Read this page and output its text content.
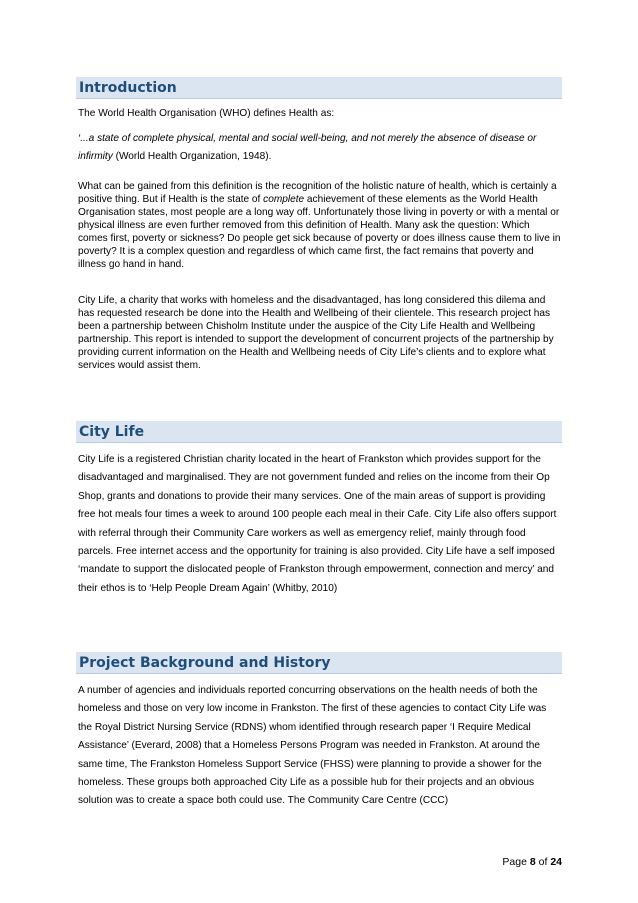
Introduction
The World Health Organisation (WHO) defines Health as:
‘...a state of complete physical, mental and social well-being, and not merely the absence of disease or infirmity (World Health Organization, 1948).
What can be gained from this definition is the recognition of the holistic nature of health, which is certainly a positive thing. But if Health is the state of complete achievement of these elements as the World Health Organisation states, most people are a long way off. Unfortunately those living in poverty or with a mental or physical illness are even further removed from this definition of Health. Many ask the question: Which comes first, poverty or sickness? Do people get sick because of poverty or does illness cause them to live in poverty? It is a complex question and regardless of which came first, the fact remains that poverty and illness go hand in hand.
City Life, a charity that works with homeless and the disadvantaged, has long considered this dilema and has requested research be done into the Health and Wellbeing of their clientele. This research project has been a partnership between Chisholm Institute under the auspice of the City Life Health and Wellbeing partnership. This report is intended to support the development of concurrent projects of the partnership by providing current information on the Health and Wellbeing needs of City Life’s clients and to explore what services would assist them.
City Life
City Life is a registered Christian charity located in the heart of Frankston which provides support for the disadvantaged and marginalised. They are not government funded and relies on the income from their Op Shop, grants and donations to provide their many services. One of the main areas of support is providing free hot meals four times a week to around 100 people each meal in their Cafe. City Life also offers support with referral through their Community Care workers as well as emergency relief, mainly through food parcels. Free internet access and the opportunity for training is also provided. City Life have a self imposed ‘mandate to support the dislocated people of Frankston through empowerment, connection and mercy’ and their ethos is to ‘Help People Dream Again’ (Whitby, 2010)
Project Background and History
A number of agencies and individuals reported concurring observations on the health needs of both the homeless and those on very low income in Frankston. The first of these agencies to contact City Life was the Royal District Nursing Service (RDNS) whom identified through research paper ‘I Require Medical Assistance’ (Everard, 2008) that a Homeless Persons Program was needed in Frankston. At around the same time, The Frankston Homeless Support Service (FHSS) were planning to provide a shower for the homeless. These groups both approached City Life as a possible hub for their projects and an obvious solution was to create a space both could use. The Community Care Centre (CCC)
Page 8 of 24
